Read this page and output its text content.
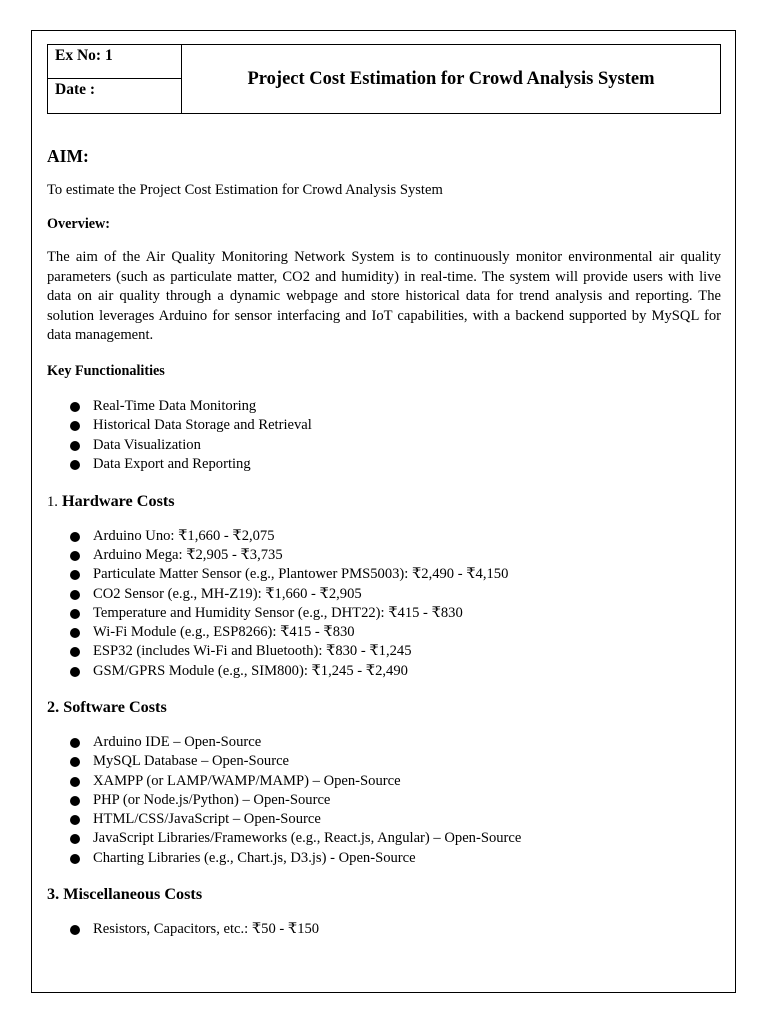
Ex No: 1
Date :
Project Cost Estimation for Crowd Analysis System
AIM:

To estimate the Project Cost Estimation for Crowd Analysis System

Overview:

The aim of the Air Quality Monitoring Network System is to continuously monitor environmental air quality parameters (such as particulate matter, CO2 and humidity) in real-time. The system will provide users with live data on air quality through a dynamic webpage and store historical data for trend analysis and reporting. The solution leverages Arduino for sensor interfacing and IoT capabilities, with a backend supported by MySQL for data management.

Key Functionalities

Real-Time Data Monitoring
Historical Data Storage and Retrieval
Data Visualization
Data Export and Reporting
1. Hardware Costs
Arduino Uno: ₹1,660 - ₹2,075
Arduino Mega: ₹2,905 - ₹3,735
Particulate Matter Sensor (e.g., Plantower PMS5003): ₹2,490 - ₹4,150
CO2 Sensor (e.g., MH-Z19): ₹1,660 - ₹2,905
Temperature and Humidity Sensor (e.g., DHT22): ₹415 - ₹830
Wi-Fi Module (e.g., ESP8266): ₹415 - ₹830
ESP32 (includes Wi-Fi and Bluetooth): ₹830 - ₹1,245
GSM/GPRS Module (e.g., SIM800): ₹1,245 - ₹2,490
2. Software Costs
Arduino IDE – Open-Source
MySQL Database – Open-Source
XAMPP (or LAMP/WAMP/MAMP) – Open-Source
PHP (or Node.js/Python) – Open-Source
HTML/CSS/JavaScript – Open-Source
JavaScript Libraries/Frameworks (e.g., React.js, Angular) – Open-Source
Charting Libraries (e.g., Chart.js, D3.js) - Open-Source
3. Miscellaneous Costs
Resistors, Capacitors, etc.: ₹50 - ₹150
